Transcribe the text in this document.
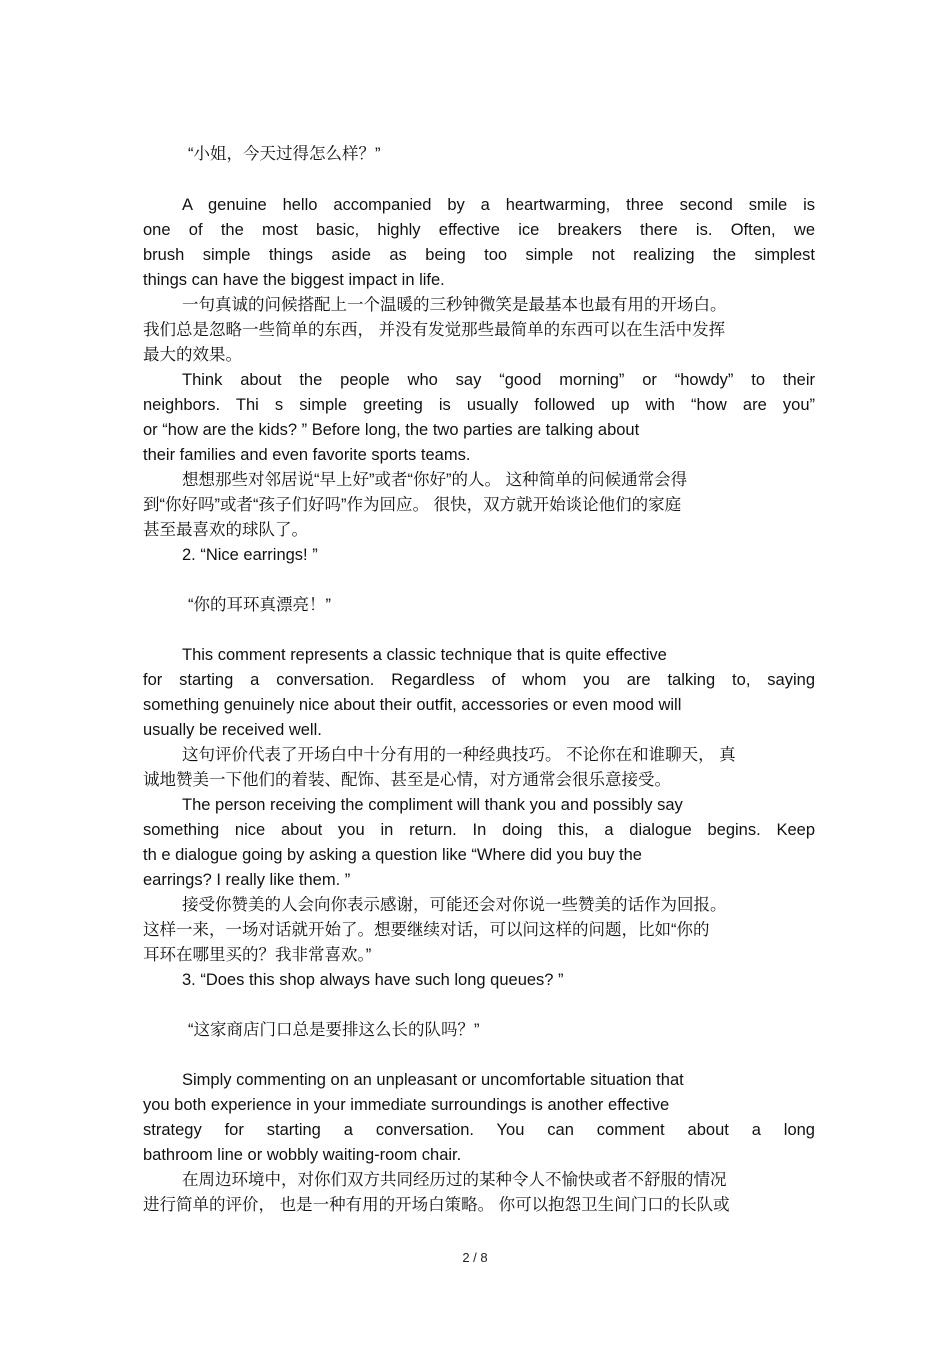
“小姐，今天过得怎么样？”
A genuine hello accompanied by a heartwarming, three second smile is
one of the most basic, highly effective ice breakers there is. Often, we
brush simple things aside as being too simple not realizing the simplest
things can have the biggest impact in life.
一句真诚的问候搭配上一个温暖的三秒钟微笑是最基本也最有用的开场白。
我们总是忽略一些简单的东西， 并没有发觉那些最简单的东西可以在生活中发挥
最大的效果。
Think about the people who say “good morning” or “howdy” to their
neighbors. Thi s simple greeting is usually followed up with “how are you”
or “how are the kids? ” Before long, the two parties are talking about
their families and even favorite sports teams.
想想那些对邻居说“早上好”或者“你好”的人。 这种简单的问候通常会得
到“你好吗”或者“孩子们好吗”作为回应。 很快，双方就开始谈论他们的家庭
甚至最喜欢的球队了。
2. “Nice earrings! ”
“你的耳环真漂亮！”
This comment represents a classic technique that is quite effective
for starting a conversation. Regardless of whom you are talking to, saying
something genuinely nice about their outfit, accessories or even mood will
usually be received well.
这句评价代表了开场白中十分有用的一种经典技巧。 不论你在和谁聊天， 真
诚地赞美一下他们的着装、配饰、甚至是心情，对方通常会很乐意接受。
The person receiving the compliment will thank you and possibly say
something nice about you in return. In doing this, a dialogue begins. Keep
th e dialogue going by asking a question like “Where did you buy the
earrings? I really like them. ”
接受你赞美的人会向你表示感谢，可能还会对你说一些赞美的话作为回报。
这样一来，一场对话就开始了。想要继续对话，可以问这样的问题，比如“你的
耳环在哪里买的？我非常喜欢。”
3. “Does this shop always have such long queues? ”
“这家商店门口总是要排这么长的队吗？”
Simply commenting on an unpleasant or uncomfortable situation that
you both experience in your immediate surroundings is another effective
strategy for starting a conversation. You can comment about a long
bathroom line or wobbly waiting-room chair.
在周边环境中，对你们双方共同经历过的某种令人不愉快或者不舒服的情况
进行简单的评价， 也是一种有用的开场白策略。 你可以抱怨卫生间门口的长队或
2 / 8
